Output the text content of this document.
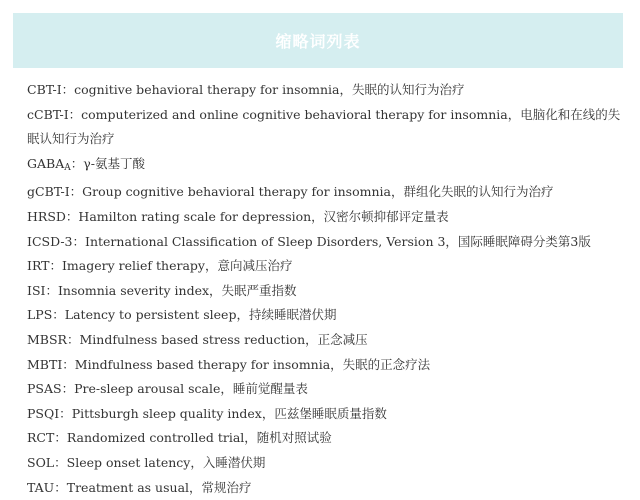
缩略词列表
CBT-Ⅰ：cognitive behavioral therapy for insomnia，失眠的认知行为治疗
cCBT-Ⅰ：computerized and online cognitive behavioral therapy for insomnia，电脑化和在线的失眠认知行为治疗
$GABA_A$：γ-氨基丁酸
gCBT-Ⅰ：Group cognitive behavioral therapy for insomnia，群组化失眠的认知行为治疗
HRSD：Hamilton rating scale for depression，汉密尔顿抑郁评定量表
ICSD-3：International Classification of Sleep Disorders, Version 3，国际睡眠障碍分类第3版
IRT：Imagery relief therapy，意向减压治疗
ISI：Insomnia severity index，失眠严重指数
LPS：Latency to persistent sleep，持续睡眠潜伏期
MBSR：Mindfulness based stress reduction，正念减压
MBTI：Mindfulness based therapy for insomnia，失眠的正念疗法
PSAS：Pre-sleep arousal scale，睡前觉醒量表
PSQI：Pittsburgh sleep quality index，匹兹堡睡眠质量指数
RCT：Randomized controlled trial，随机对照试验
SOL：Sleep onset latency，入睡潜伏期
TAU：Treatment as usual，常规治疗
